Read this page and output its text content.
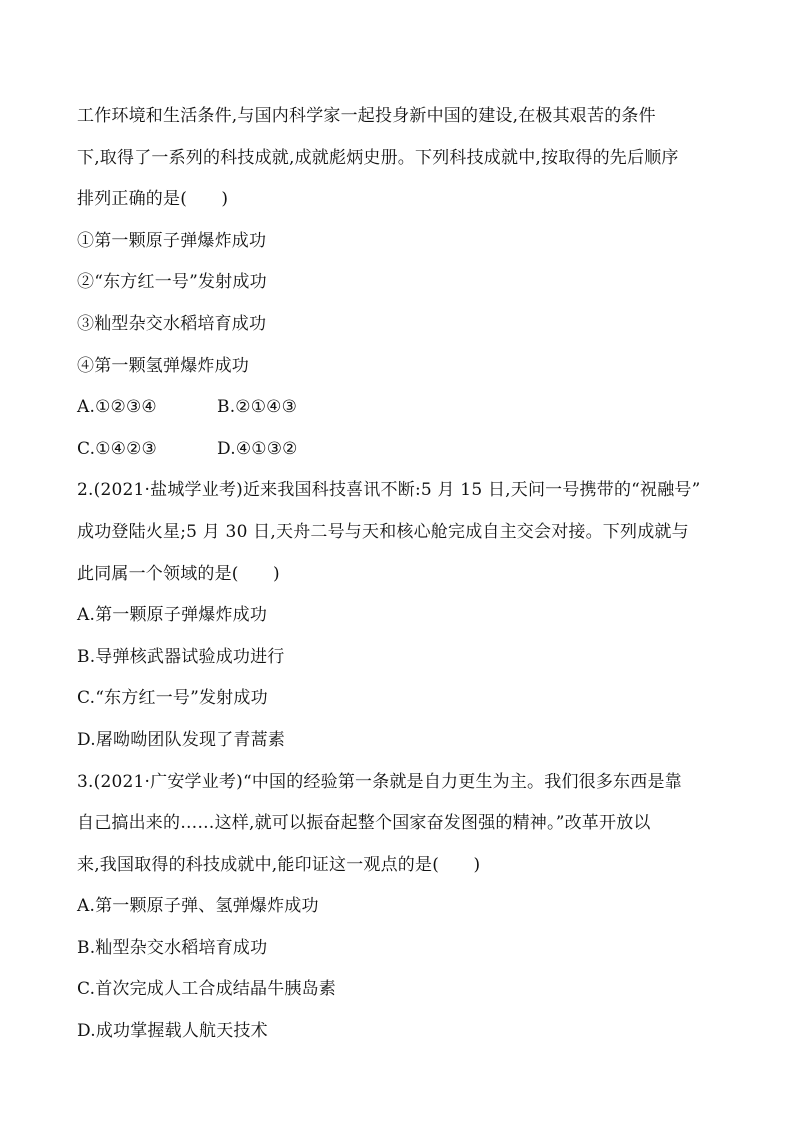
工作环境和生活条件,与国内科学家一起投身新中国的建设,在极其艰苦的条件
下,取得了一系列的科技成就,成就彪炳史册。下列科技成就中,按取得的先后顺序
排列正确的是(　　)
①第一颗原子弹爆炸成功
②“东方红一号”发射成功
③籼型杂交水稻培育成功
④第一颗氢弹爆炸成功
A.①②③④	B.②①④③
C.①④②③	D.④①③②
2.(2021·盐城学业考)近来我国科技喜讯不断:5 月 15 日,天问一号携带的“祝融号”
成功登陆火星;5 月 30 日,天舟二号与天和核心舱完成自主交会对接。下列成就与
此同属一个领域的是(　　)
A.第一颗原子弹爆炸成功
B.导弹核武器试验成功进行
C.“东方红一号”发射成功
D.屠呦呦团队发现了青蒿素
3.(2021·广安学业考)“中国的经验第一条就是自力更生为主。我们很多东西是靠
自己搞出来的……这样,就可以振奋起整个国家奋发图强的精神。”改革开放以
来,我国取得的科技成就中,能印证这一观点的是(　　)
A.第一颗原子弹、氢弹爆炸成功
B.籼型杂交水稻培育成功
C.首次完成人工合成结晶牛胰岛素
D.成功掌握载人航天技术
